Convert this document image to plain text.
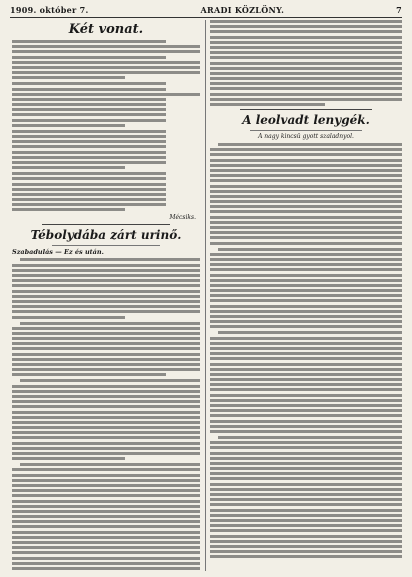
1909. október 7.	ARADI KÖZLÖNY.	7
Két vonat.
Mécsiks.
Tébolydába zárt urinő.
Szabadulás — Ez és után.
A leolvadt lenygék.
A nagy kincsü gyott szaladnyol.
